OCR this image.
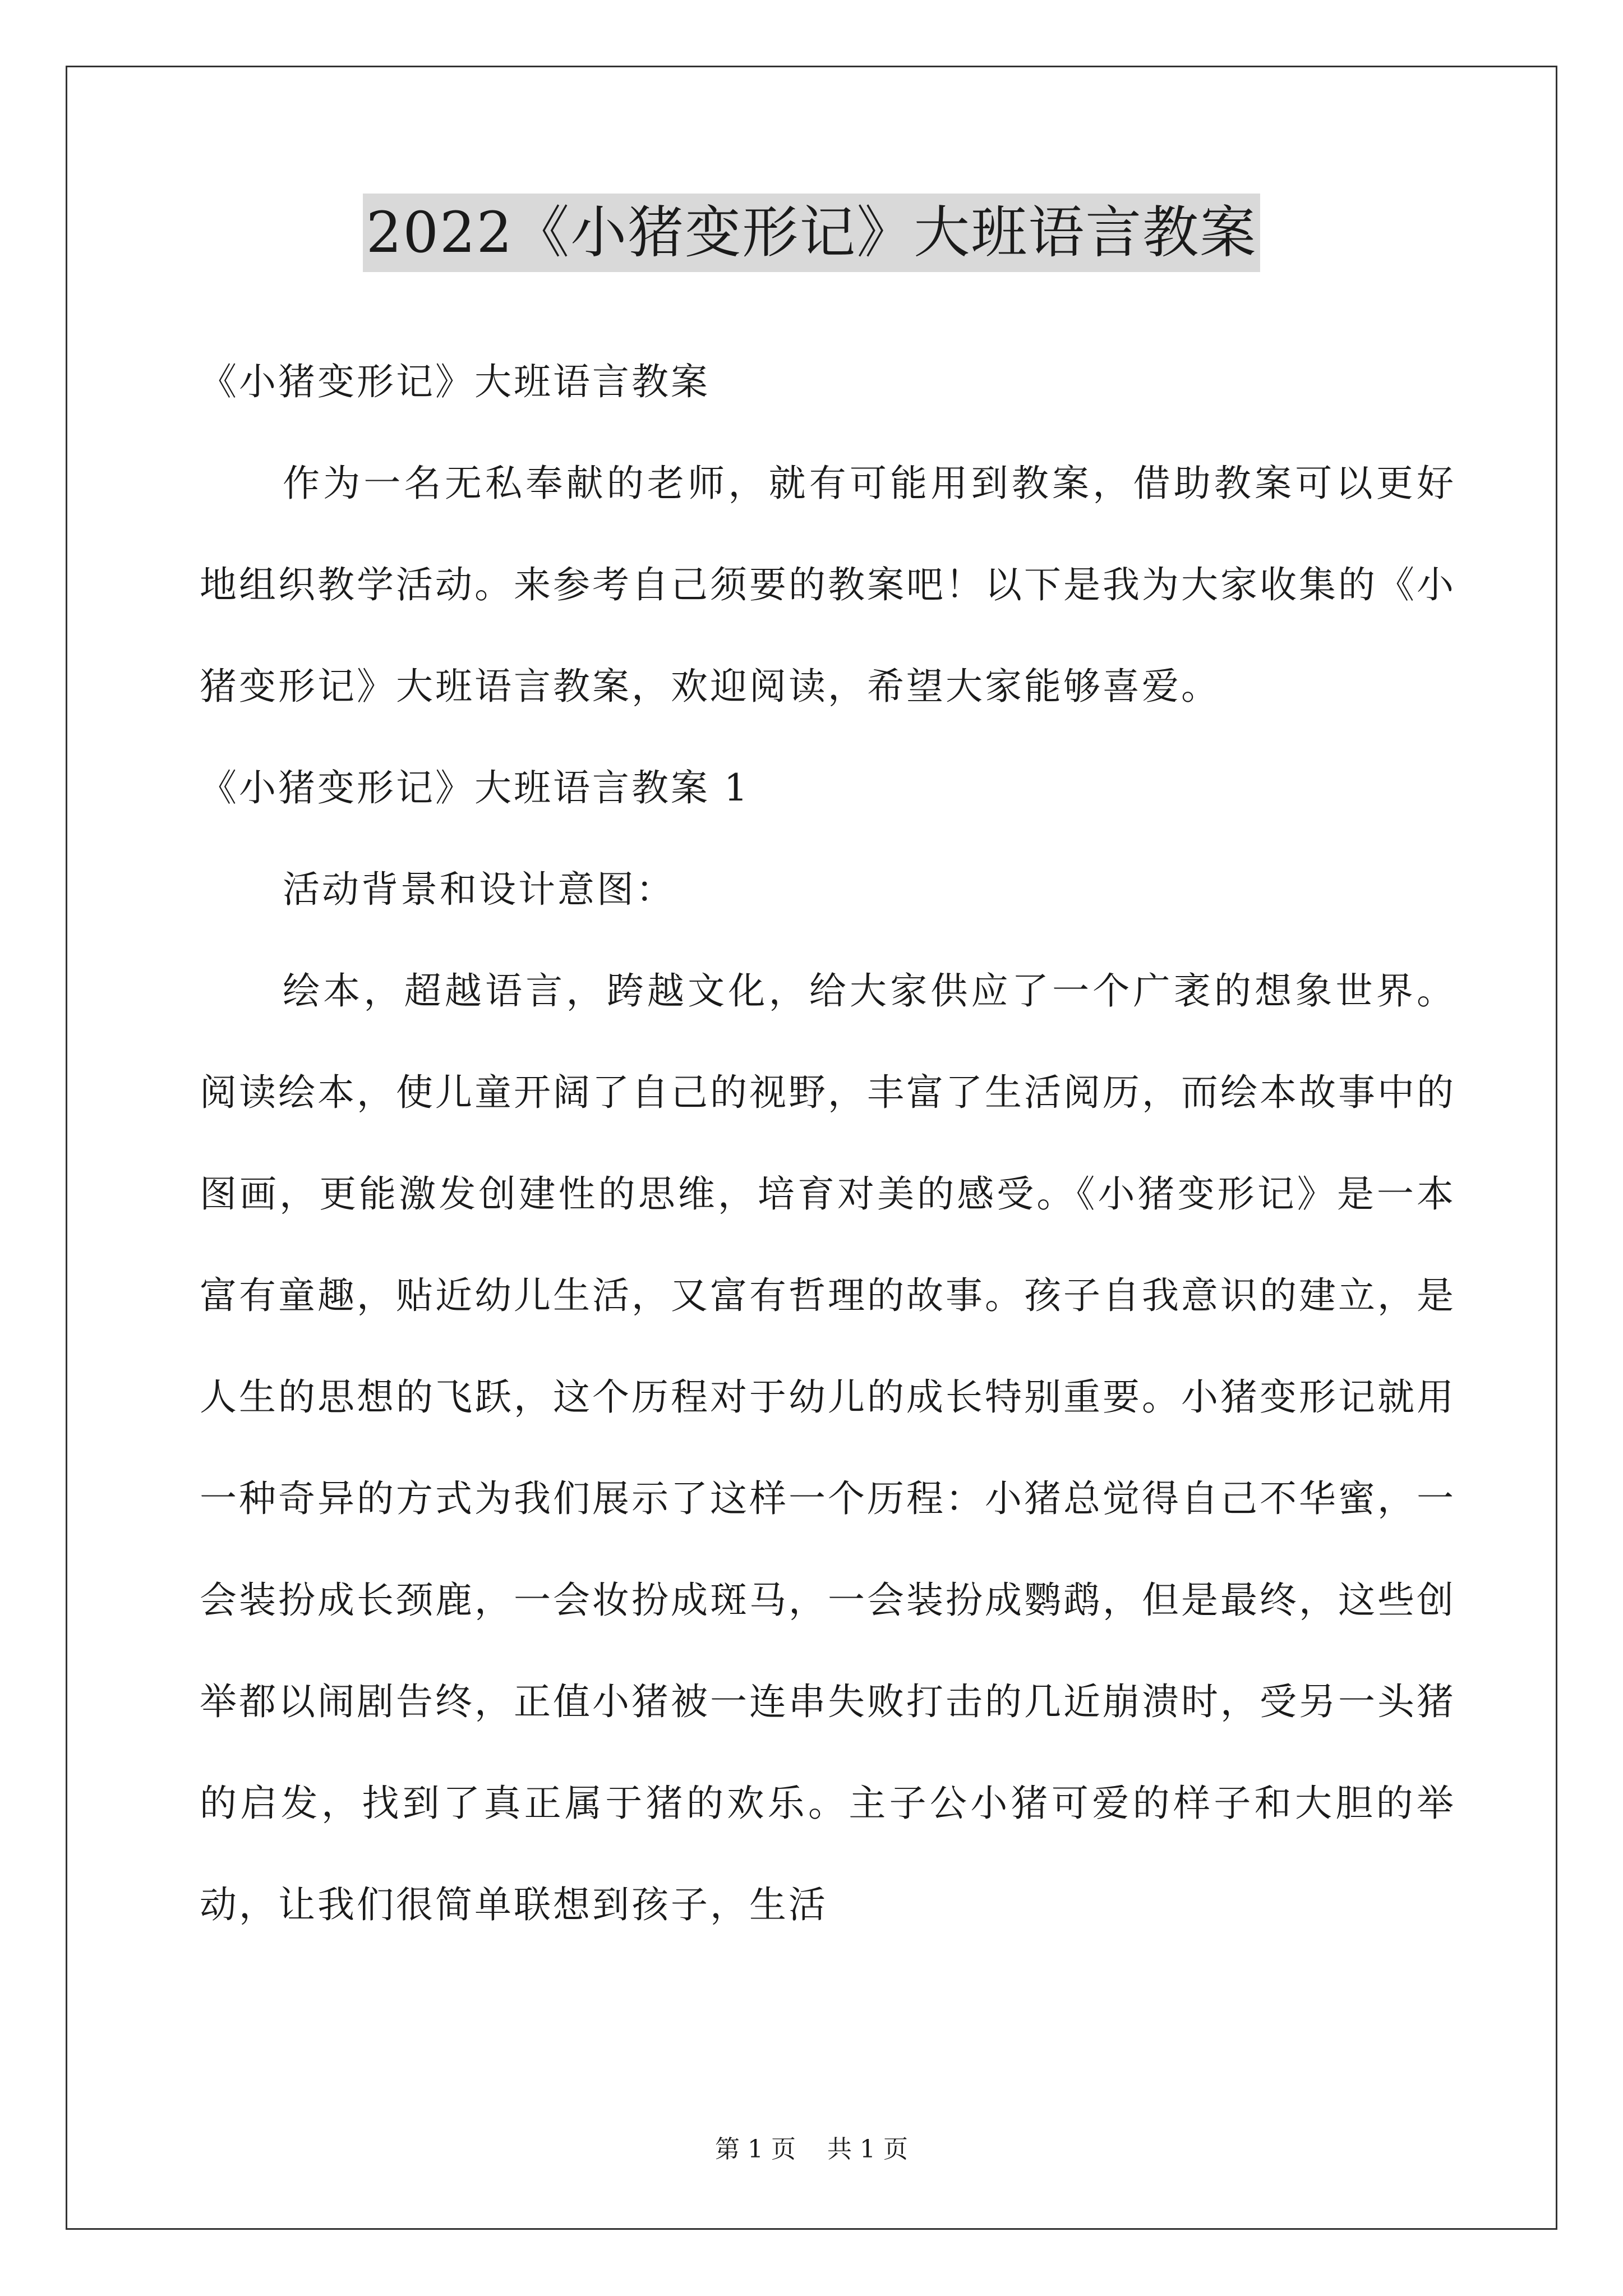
2022《小猪变形记》大班语言教案

《小猪变形记》大班语言教案

作为一名无私奉献的老师，就有可能用到教案，借助教案可以更好地组织教学活动。来参考自己须要的教案吧！以下是我为大家收集的《小猪变形记》大班语言教案，欢迎阅读，希望大家能够喜爱。

《小猪变形记》大班语言教案 1

活动背景和设计意图：

绘本，超越语言，跨越文化，给大家供应了一个广袤的想象世界。阅读绘本，使儿童开阔了自己的视野，丰富了生活阅历，而绘本故事中的图画，更能激发创建性的思维，培育对美的感受。《小猪变形记》是一本富有童趣，贴近幼儿生活，又富有哲理的故事。孩子自我意识的建立，是人生的思想的飞跃，这个历程对于幼儿的成长特别重要。小猪变形记就用一种奇异的方式为我们展示了这样一个历程：小猪总觉得自己不华蜜，一会装扮成长颈鹿，一会妆扮成斑马，一会装扮成鹦鹉，但是最终，这些创举都以闹剧告终，正值小猪被一连串失败打击的几近崩溃时，受另一头猪的启发，找到了真正属于猪的欢乐。主子公小猪可爱的样子和大胆的举动，让我们很简单联想到孩子，生活

第 1 页 共 1 页
